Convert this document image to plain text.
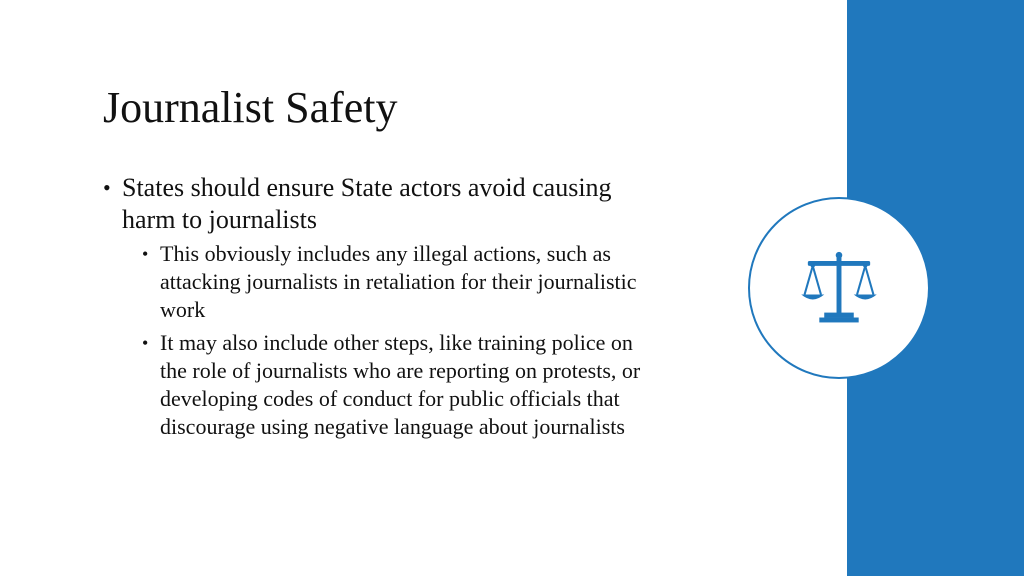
Journalist Safety
• States should ensure State actors avoid causing harm to journalists
• This obviously includes any illegal actions, such as attacking journalists in retaliation for their journalistic work
• It may also include other steps, like training police on the role of journalists who are reporting on protests, or developing codes of conduct for public officials that discourage using negative language about journalists
